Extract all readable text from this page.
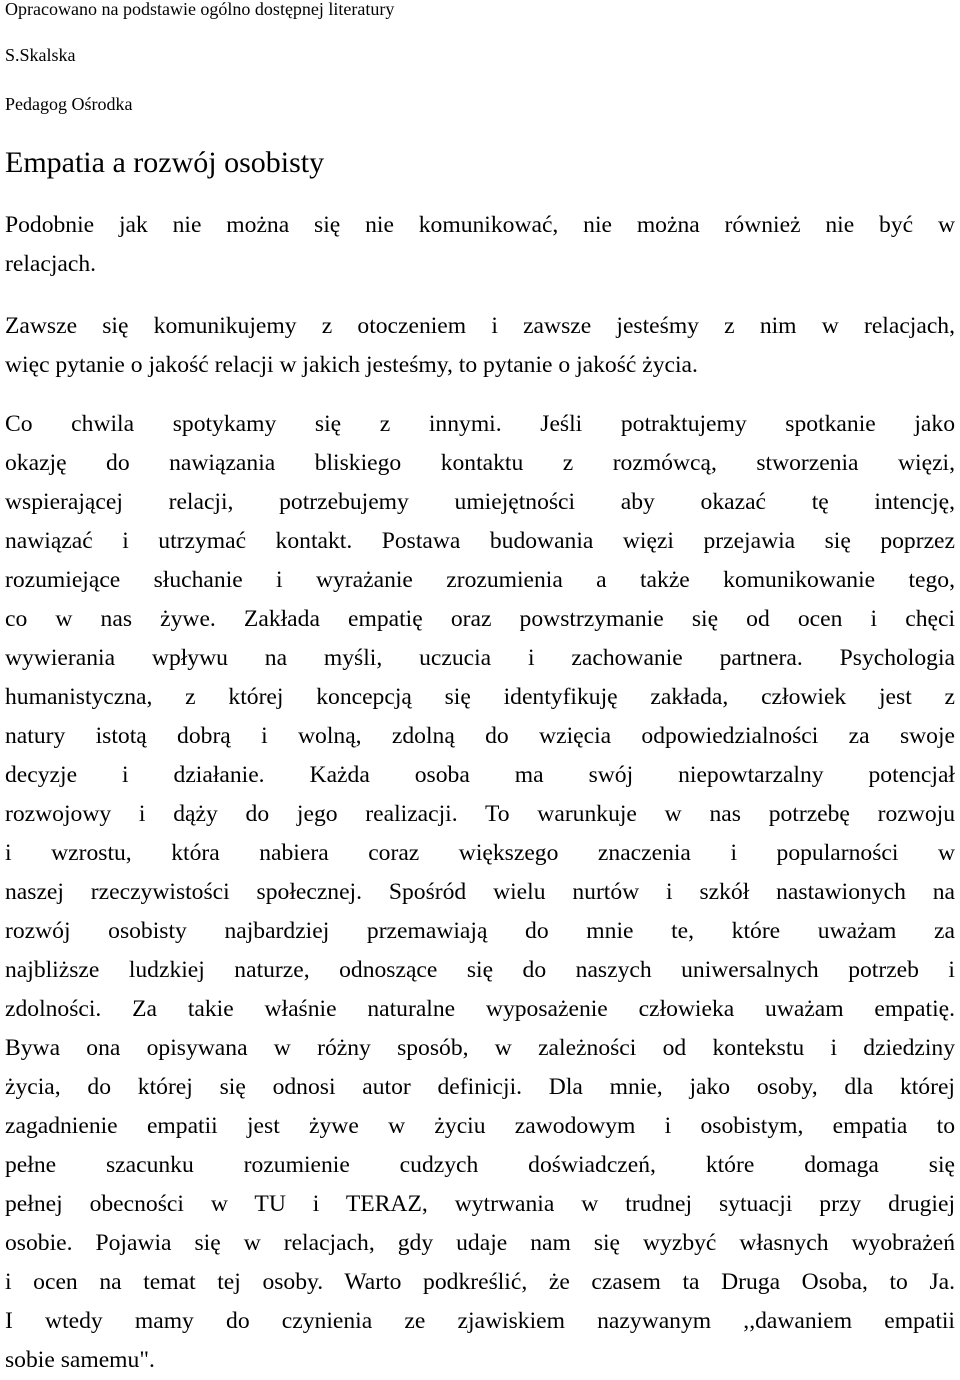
Opracowano na podstawie ogólno dostępnej literatury

S.Skalska

Pedagog Ośrodka

Empatia a rozwój osobisty

Podobnie jak nie można się nie komunikować, nie można również nie być w
relacjach.

Zawsze się komunikujemy z otoczeniem i zawsze jesteśmy z nim w relacjach,
więc pytanie o jakość relacji w jakich jesteśmy, to pytanie o jakość życia.

Co chwila spotykamy się z innymi. Jeśli potraktujemy spotkanie jako
okazję do nawiązania bliskiego kontaktu z rozmówcą, stworzenia więzi,
wspierającej relacji, potrzebujemy umiejętności aby okazać tę intencję,
nawiązać i utrzymać kontakt. Postawa budowania więzi przejawia się poprzez
rozumiejące słuchanie i wyrażanie zrozumienia a także komunikowanie tego,
co w nas żywe. Zakłada empatię oraz powstrzymanie się od ocen i chęci
wywierania wpływu na myśli, uczucia i zachowanie partnera. Psychologia
humanistyczna, z której koncepcją się identyfikuję zakłada, człowiek jest z
natury istotą dobrą i wolną, zdolną do wzięcia odpowiedzialności za swoje
decyzje i działanie. Każda osoba ma swój niepowtarzalny potencjał
rozwojowy i dąży do jego realizacji. To warunkuje w nas potrzebę rozwoju
i wzrostu, która nabiera coraz większego znaczenia i popularności w
naszej rzeczywistości społecznej. Spośród wielu nurtów i szkół nastawionych na
rozwój osobisty najbardziej przemawiają do mnie te, które uważam za
najbliższe ludzkiej naturze, odnoszące się do naszych uniwersalnych potrzeb i
zdolności. Za takie właśnie naturalne wyposażenie człowieka uważam empatię.
Bywa ona opisywana w różny sposób, w zależności od kontekstu i dziedziny
życia, do której się odnosi autor definicji. Dla mnie, jako osoby, dla której
zagadnienie empatii jest żywe w życiu zawodowym i osobistym, empatia to
pełne szacunku rozumienie cudzych doświadczeń, które domaga się
pełnej obecności w TU i TERAZ, wytrwania w trudnej sytuacji przy drugiej
osobie. Pojawia się w relacjach, gdy udaje nam się wyzbyć własnych wyobrażeń
i ocen na temat tej osoby. Warto podkreślić, że czasem ta Druga Osoba, to Ja.
I wtedy mamy do czynienia ze zjawiskiem nazywanym ,,dawaniem empatii
sobie samemu".
